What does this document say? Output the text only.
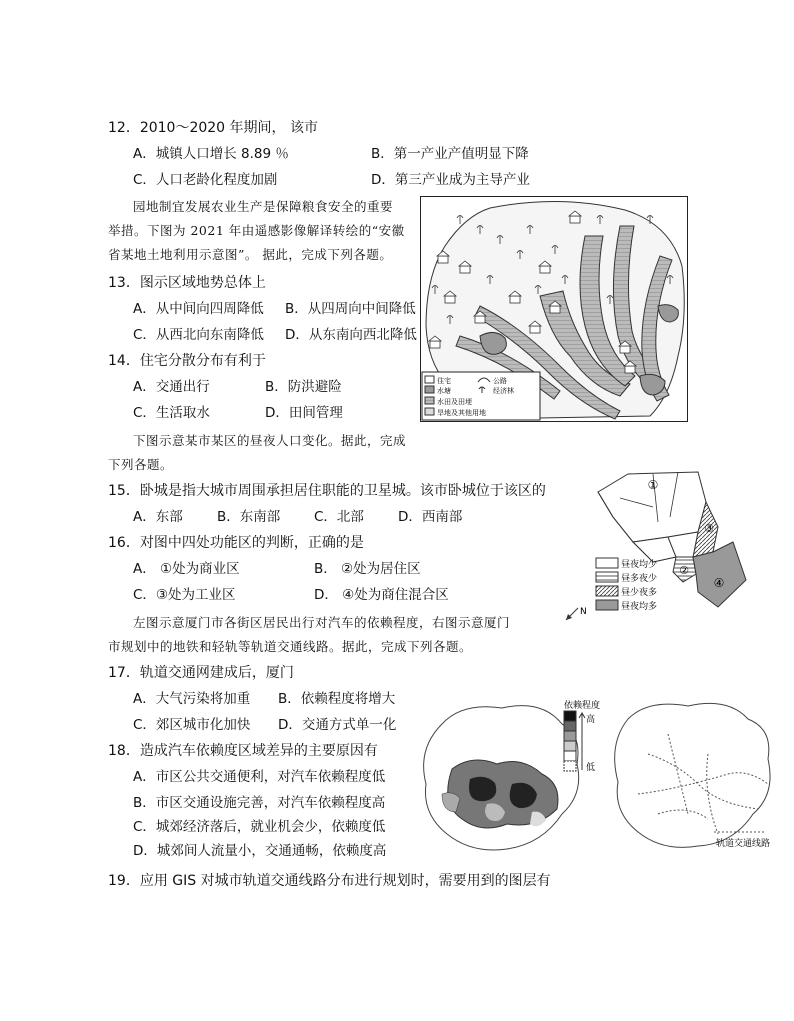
12．2010～2020 年期间， 该市
A．城镇人口增长 8.89 ％	B．第一产业产值明显下降
C．人口老龄化程度加剧	D．第三产业成为主导产业
园地制宜发展农业生产是保障粮食安全的重要
举措。下图为 2021 年由遥感影像解译转绘的“安徽
省某地土地利用示意图”。 据此，完成下列各题。
13．图示区域地势总体上
A．从中间向四周降低 B．从四周向中间降低
C．从西北向东南降低 D．从东南向西北降低
14．住宅分散分布有利于
A．交通出行	B．防洪避险
C．生活取水	D．田间管理
住宅	公路
水塘	经济林
水田及田埂
旱地及其他用地
下图示意某市某区的昼夜人口变化。据此，完成
下列各题。
15．卧城是指大城市周围承担居住职能的卫星城。该市卧城位于该区的
A．东部	B．东南部 C．北部	D．西南部
16．对图中四处功能区的判断，正确的是
A． ①处为商业区	B． ②处为居住区
C．③处为工业区	D． ④处为商住混合区
①
②
③
④
昼夜均少
昼多夜少
昼少夜多
昼夜均多
N
左图示意厦门市各街区居民出行对汽车的依赖程度，右图示意厦门
市规划中的地铁和轻轨等轨道交通线路。据此，完成下列各题。
17．轨道交通网建成后，厦门
A．大气污染将加重 B．依赖程度将增大
C．郊区城市化加快 D．交通方式单一化
18．造成汽车依赖度区域差异的主要原因有
A．市区公共交通便利，对汽车依赖程度低
B．市区交通设施完善，对汽车依赖程度高
C．城郊经济落后，就业机会少，依赖度低
D．城郊间人流量小，交通通畅，依赖度高
依赖程度
高
低
轨道交通线路
19．应用 GIS 对城市轨道交通线路分布进行规划时，需要用到的图层有
